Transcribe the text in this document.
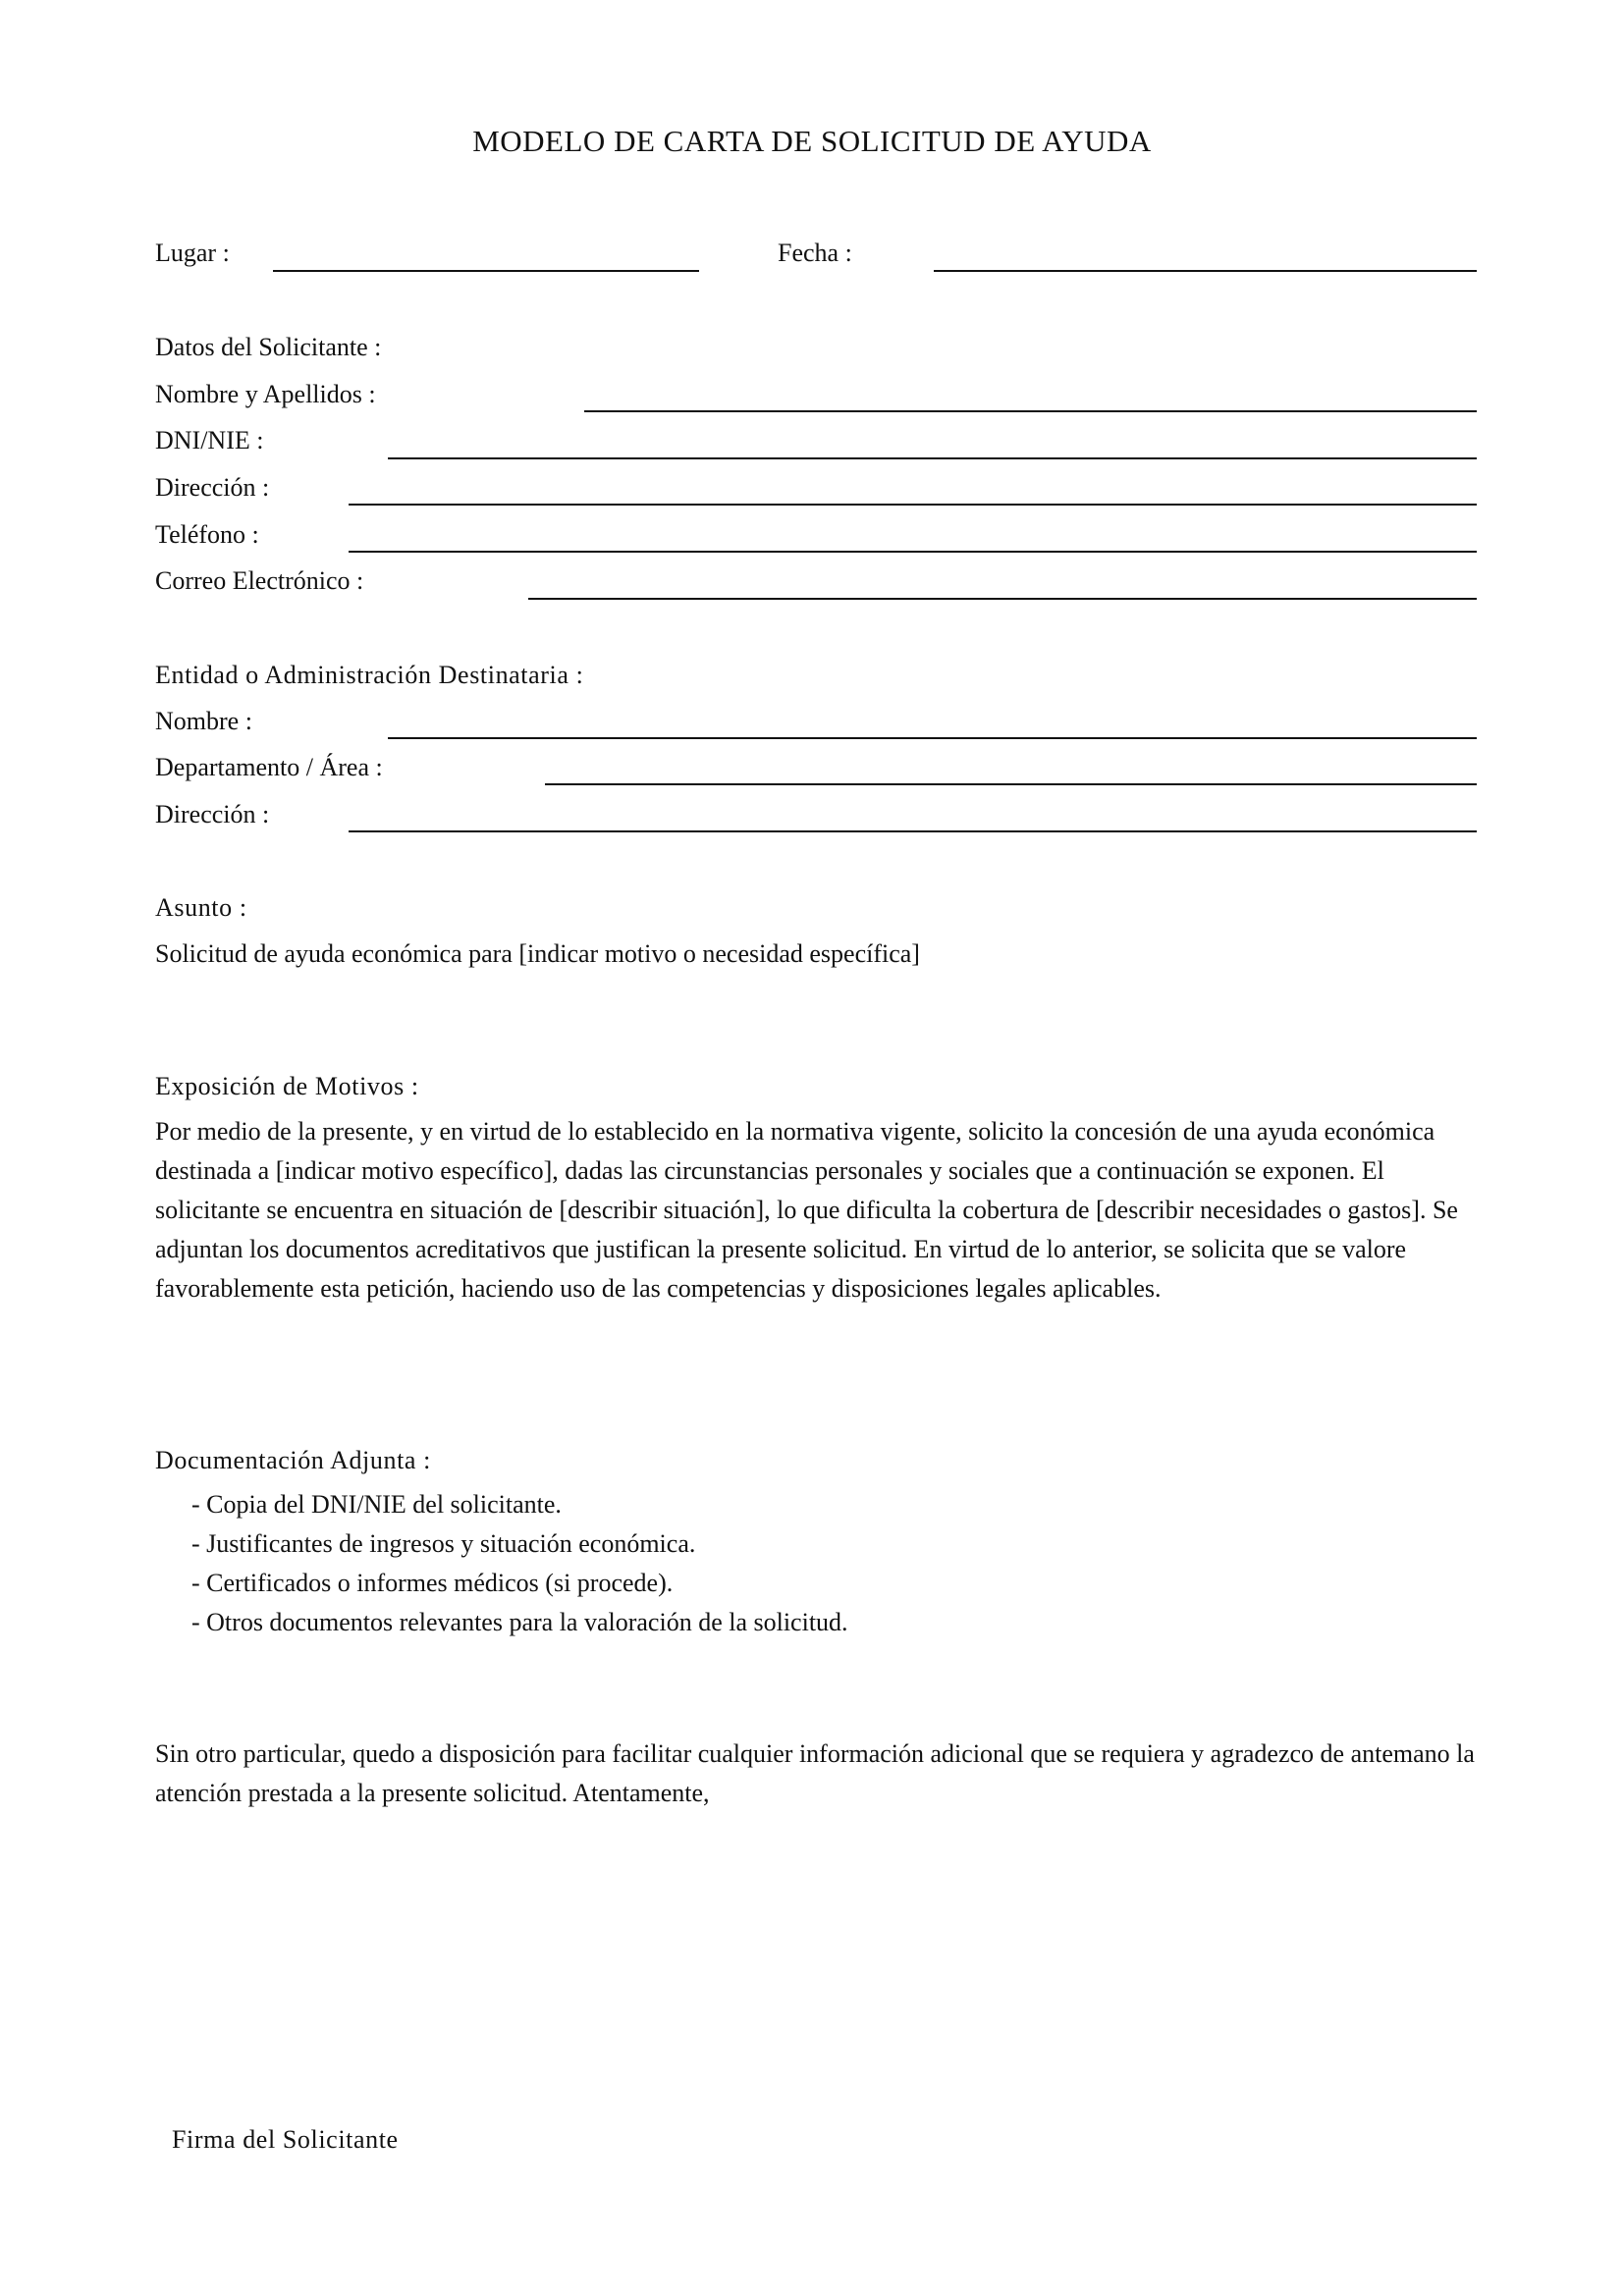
MODELO DE CARTA DE SOLICITUD DE AYUDA
Lugar :	Fecha :
Datos del Solicitante :
Nombre y Apellidos :
DNI/NIE :
Dirección :
Teléfono :
Correo Electrónico :
Entidad o Administración Destinataria :
Nombre :
Departamento / Área :
Dirección :
Asunto :
Solicitud de ayuda económica para [indicar motivo o necesidad específica]
Exposición de Motivos :
Por medio de la presente, y en virtud de lo establecido en la normativa vigente, solicito la concesión de una ayuda económica destinada a [indicar motivo específico], dadas las circunstancias personales y sociales que a continuación se exponen. El solicitante se encuentra en situación de [describir situación], lo que dificulta la cobertura de [describir necesidades o gastos]. Se adjuntan los documentos acreditativos que justifican la presente solicitud. En virtud de lo anterior, se solicita que se valore favorablemente esta petición, haciendo uso de las competencias y disposiciones legales aplicables.
Documentación Adjunta :
- Copia del DNI/NIE del solicitante.
- Justificantes de ingresos y situación económica.
- Certificados o informes médicos (si procede).
- Otros documentos relevantes para la valoración de la solicitud.
Sin otro particular, quedo a disposición para facilitar cualquier información adicional que se requiera y agradezco de antemano la atención prestada a la presente solicitud. Atentamente,
Firma del Solicitante
